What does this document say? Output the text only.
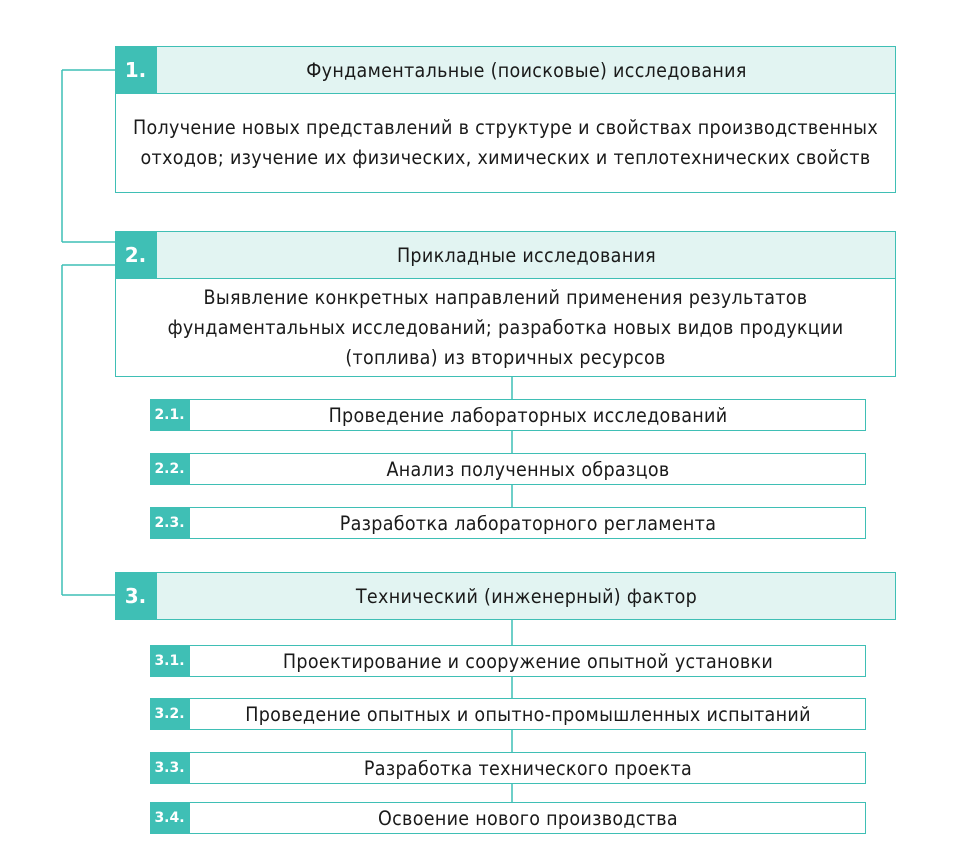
1.	Фундаментальные (поисковые) исследования
Получение новых представлений в структуре и свойствах производственных отходов; изучение их физических, химических и теплотехнических свойств
2.	Прикладные исследования
Выявление конкретных направлений применения результатов фундаментальных исследований; разработка новых видов продукции (топлива) из вторичных ресурсов
2.1.	Проведение лабораторных исследований
2.2.	Анализ полученных образцов
2.3.	Разработка лабораторного регламента
3.	Технический (инженерный) фактор
3.1.	Проектирование и сооружение опытной установки
3.2.	Проведение опытных и опытно-промышленных испытаний
3.3.	Разработка технического проекта
3.4.	Освоение нового производства
